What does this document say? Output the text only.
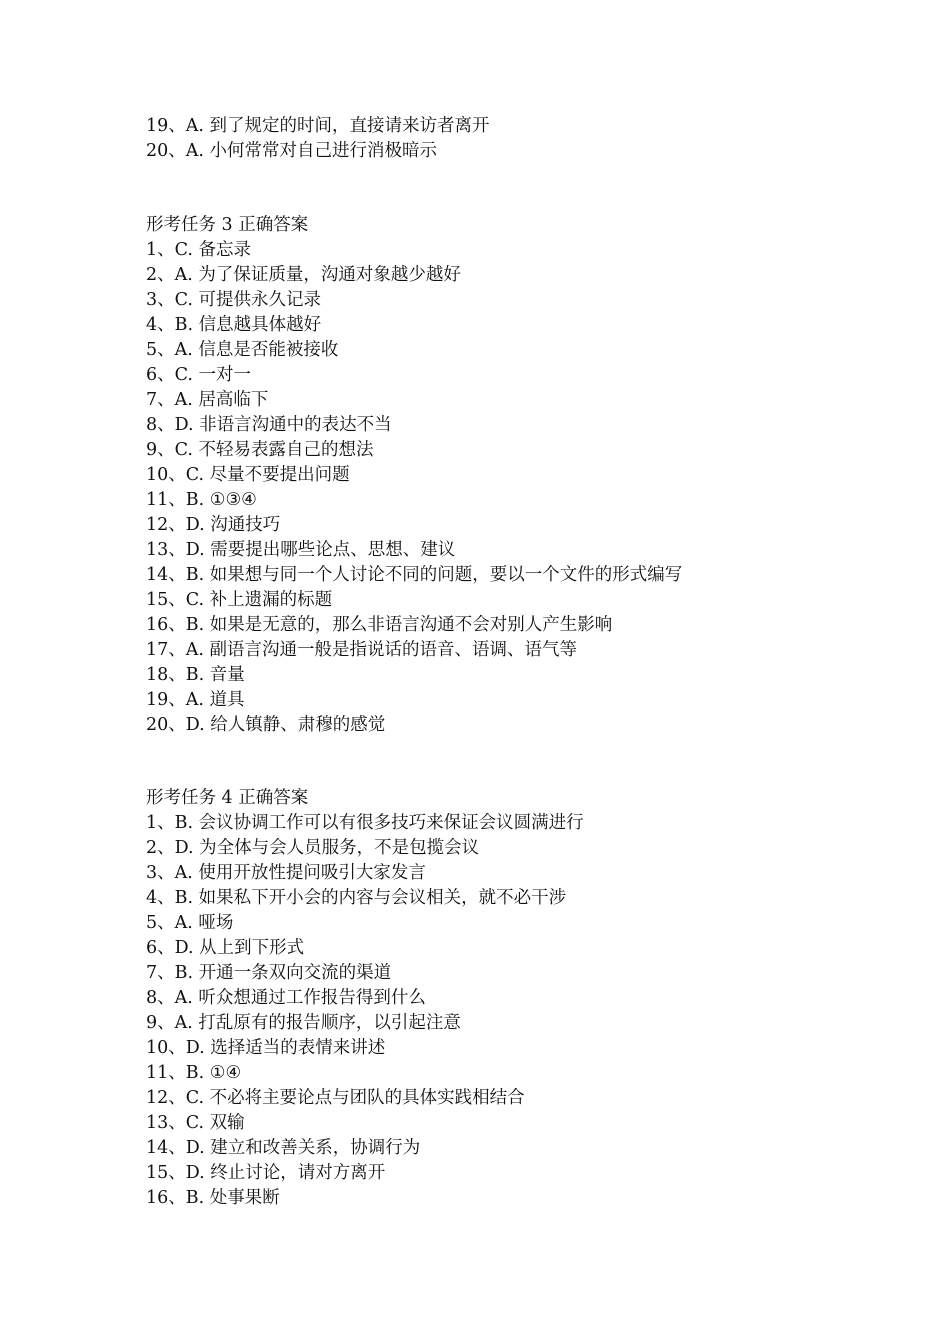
19、A. 到了规定的时间，直接请来访者离开
20、A. 小何常常对自己进行消极暗示
形考任务 3 正确答案
1、C. 备忘录
2、A. 为了保证质量，沟通对象越少越好
3、C. 可提供永久记录
4、B. 信息越具体越好
5、A. 信息是否能被接收
6、C. 一对一
7、A. 居高临下
8、D. 非语言沟通中的表达不当
9、C. 不轻易表露自己的想法
10、C. 尽量不要提出问题
11、B. ①③④
12、D. 沟通技巧
13、D. 需要提出哪些论点、思想、建议
14、B. 如果想与同一个人讨论不同的问题，要以一个文件的形式编写
15、C. 补上遗漏的标题
16、B. 如果是无意的，那么非语言沟通不会对别人产生影响
17、A. 副语言沟通一般是指说话的语音、语调、语气等
18、B. 音量
19、A. 道具
20、D. 给人镇静、肃穆的感觉
形考任务 4 正确答案
1、B. 会议协调工作可以有很多技巧来保证会议圆满进行
2、D. 为全体与会人员服务，不是包揽会议
3、A. 使用开放性提问吸引大家发言
4、B. 如果私下开小会的内容与会议相关，就不必干涉
5、A. 哑场
6、D. 从上到下形式
7、B. 开通一条双向交流的渠道
8、A. 听众想通过工作报告得到什么
9、A. 打乱原有的报告顺序，以引起注意
10、D. 选择适当的表情来讲述
11、B. ①④
12、C. 不必将主要论点与团队的具体实践相结合
13、C. 双输
14、D. 建立和改善关系，协调行为
15、D. 终止讨论，请对方离开
16、B. 处事果断
